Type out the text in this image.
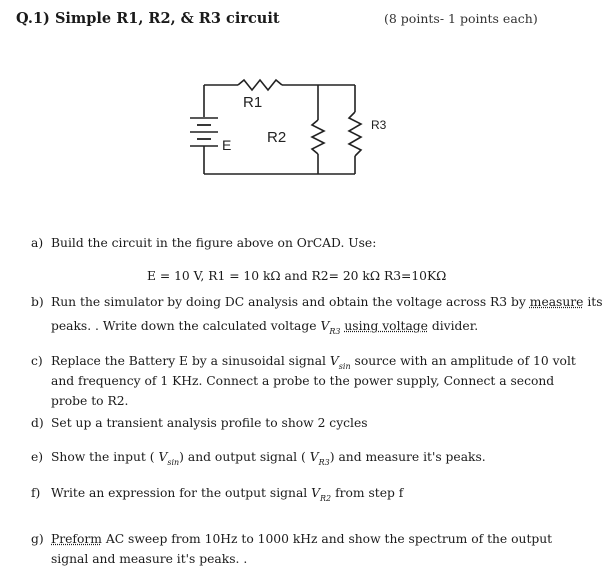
Q.1) Simple R1, R2, & R3 circuit	(8 points- 1 points each)
R1
R2
R3
E
a) Build the circuit in the figure above on OrCAD. Use:
E = 10 V, R1 = 10 kΩ and R2= 20 kΩ R3=10KΩ
b) Run the simulator by doing DC analysis and obtain the voltage across R3 by measure its
peaks. . Write down the calculated voltage $V_{R3}$ using voltage divider.
c) Replace the Battery E by a sinusoidal signal $V_{sin}$ source with an amplitude of 10 volt
and frequency of 1 KHz. Connect a probe to the power supply, Connect a second
probe to R2.
d) Set up a transient analysis profile to show 2 cycles
e) Show the input ( $V_{sin}$) and output signal ( $V_{R3}$) and measure it's peaks.
f) Write an expression for the output signal $V_{R2}$ from step f
g) Preform AC sweep from 10Hz to 1000 kHz and show the spectrum of the output
signal and measure it's peaks. .
